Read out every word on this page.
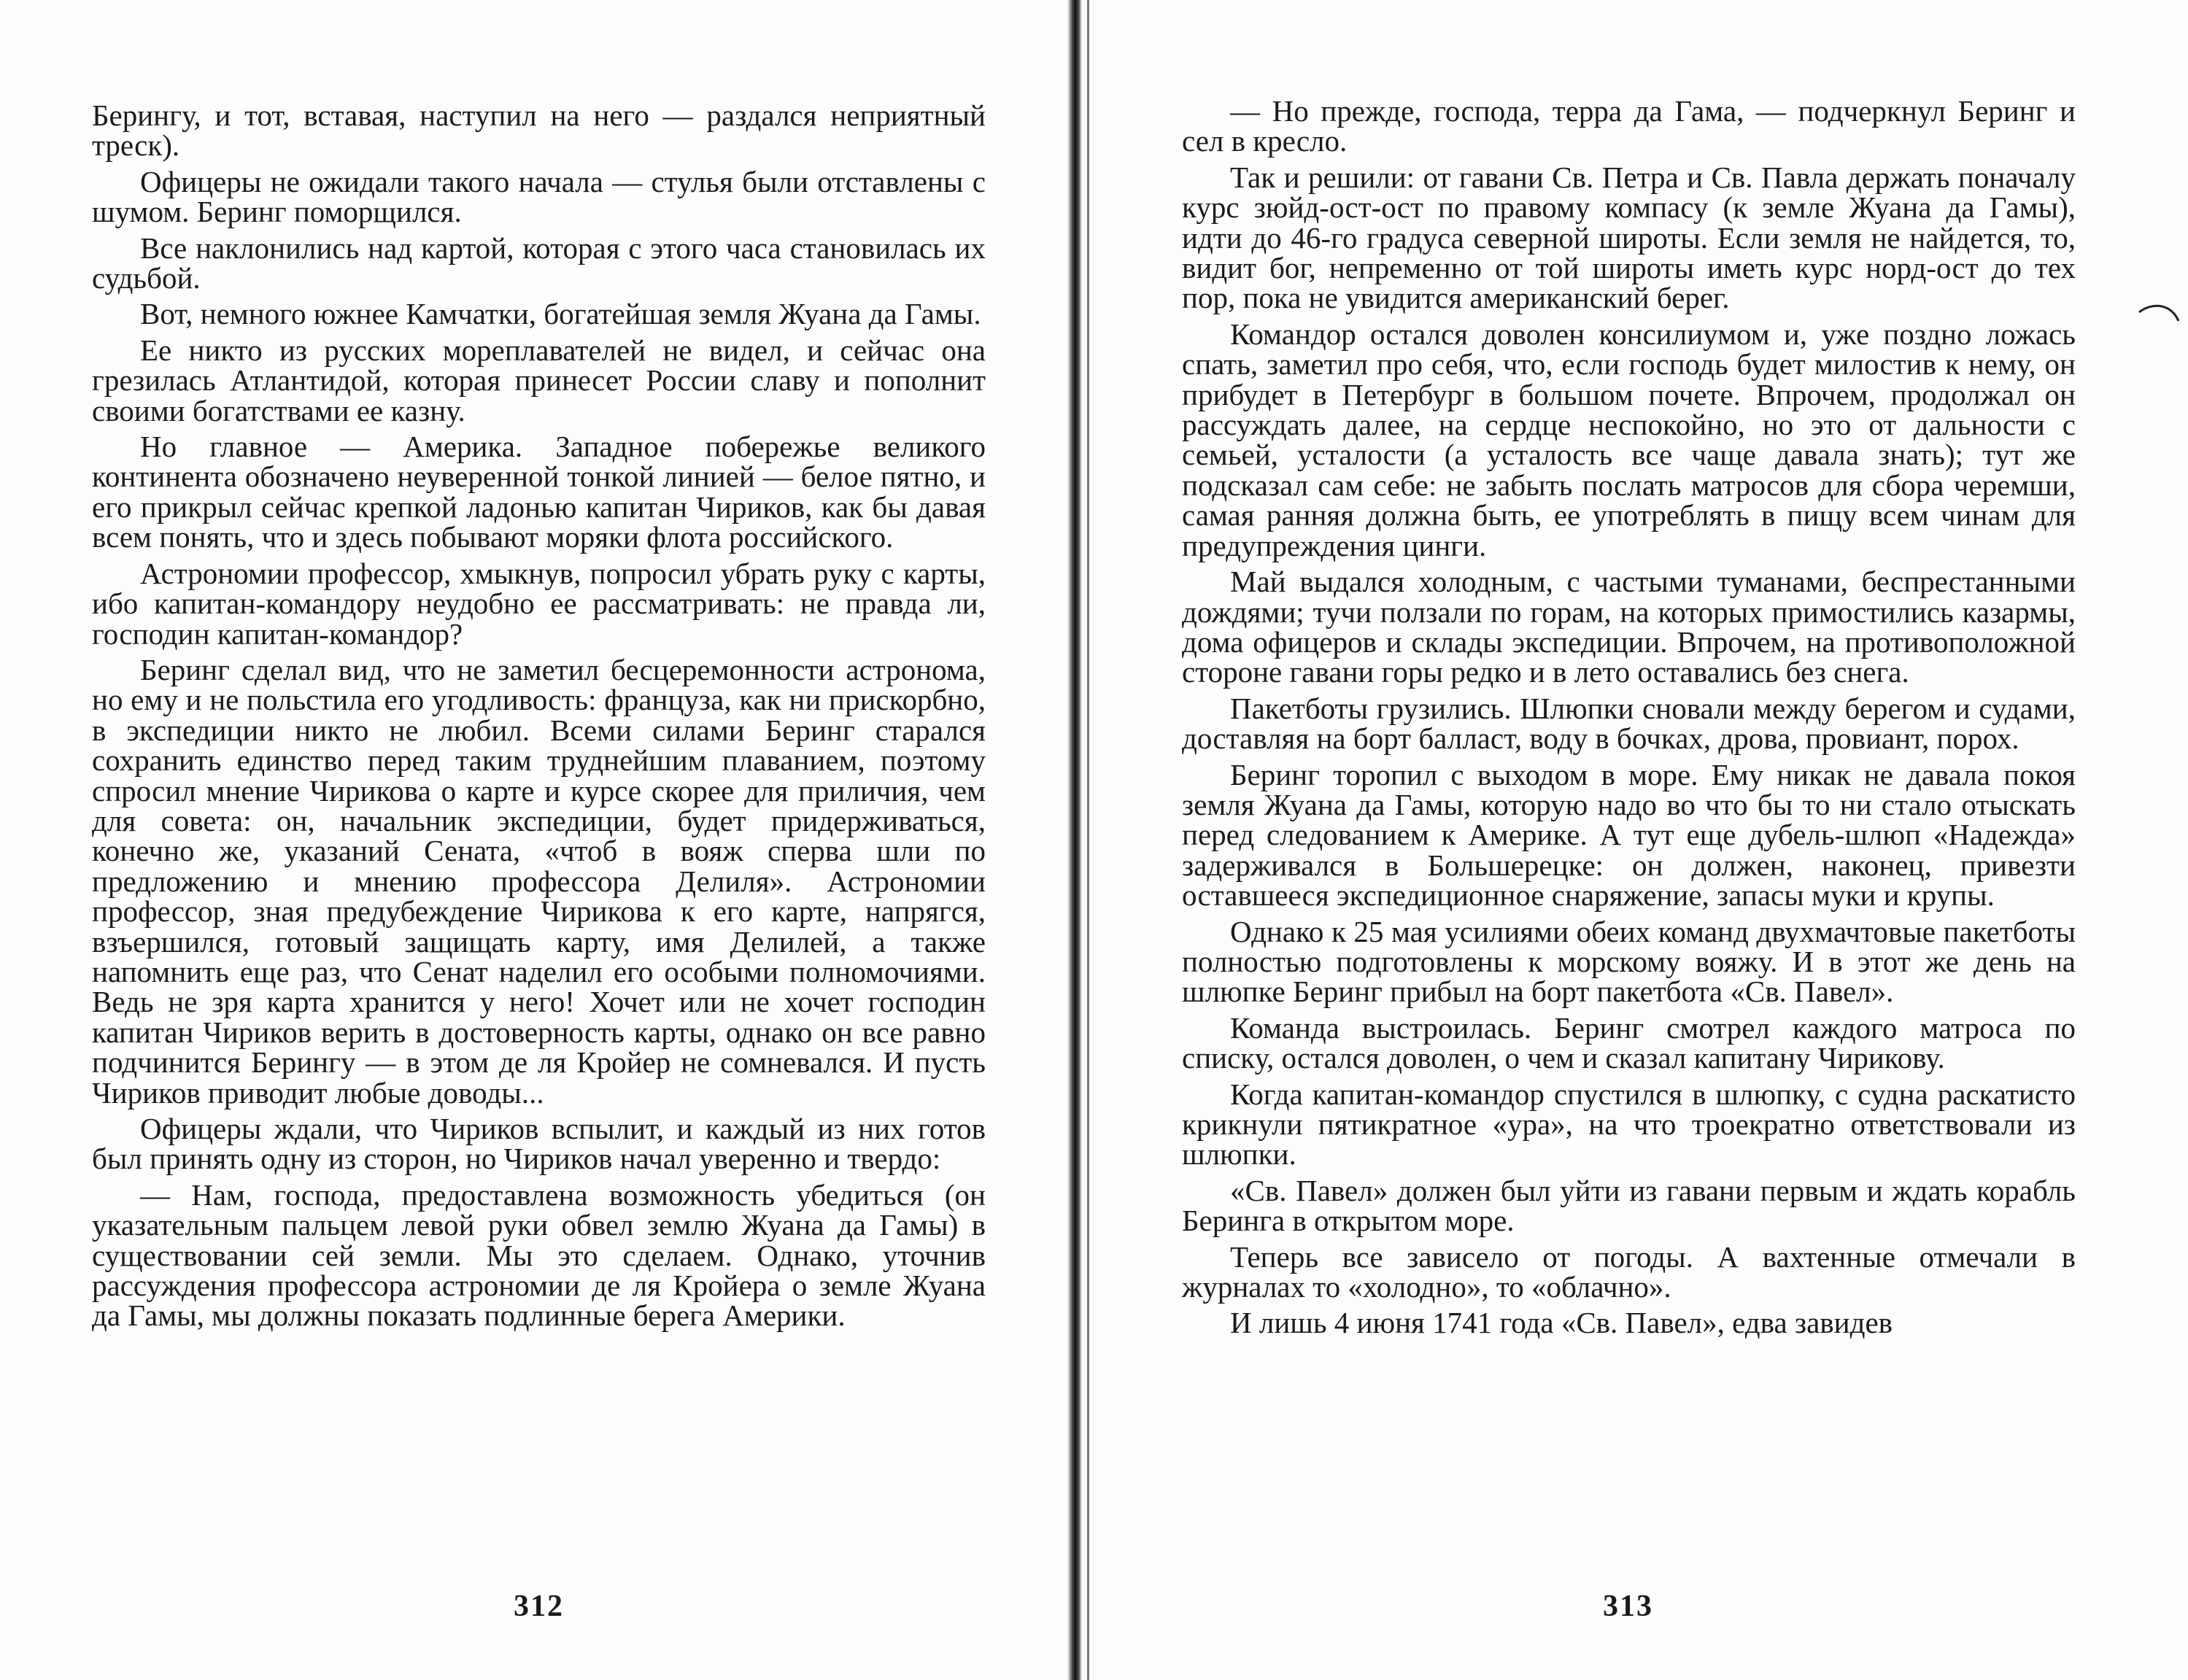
Берингу, и тот, вставая, наступил на него — раздался неприятный треск).

Офицеры не ожидали такого начала — стулья были отставлены с шумом. Беринг поморщился.

Все наклонились над картой, которая с этого часа становилась их судьбой.

Вот, немного южнее Камчатки, богатейшая земля Жуана да Гамы.

Ее никто из русских мореплавателей не видел, и сейчас она грезилась Атлантидой, которая принесет России славу и пополнит своими богатствами ее казну.

Но главное — Америка. Западное побережье великого континента обозначено неуверенной тонкой линией — белое пятно, и его прикрыл сейчас крепкой ладонью капитан Чириков, как бы давая всем понять, что и здесь побывают моряки флота российского.

Астрономии профессор, хмыкнув, попросил убрать руку с карты, ибо капитан-командору неудобно ее рассматривать: не правда ли, господин капитан-командор?

Беринг сделал вид, что не заметил бесцеремонности астронома, но ему и не польстила его угодливость: француза, как ни прискорбно, в экспедиции никто не любил. Всеми силами Беринг старался сохранить единство перед таким труднейшим плаванием, поэтому спросил мнение Чирикова о карте и курсе скорее для приличия, чем для совета: он, начальник экспедиции, будет придерживаться, конечно же, указаний Сената, «чтоб в вояж сперва шли по предложению и мнению профессора Делиля». Астрономии профессор, зная предубеждение Чирикова к его карте, напрягся, взъершился, готовый защищать карту, имя Делилей, а также напомнить еще раз, что Сенат наделил его особыми полномочиями. Ведь не зря карта хранится у него! Хочет или не хочет господин капитан Чириков верить в достоверность карты, однако он все равно подчинится Берингу — в этом де ля Кройер не сомневался. И пусть Чириков приводит любые доводы...

Офицеры ждали, что Чириков вспылит, и каждый из них готов был принять одну из сторон, но Чириков начал уверенно и твердо:

— Нам, господа, предоставлена возможность убедиться (он указательным пальцем левой руки обвел землю Жуана да Гамы) в существовании сей земли. Мы это сделаем. Однако, уточнив рассуждения профессора астрономии де ля Кройера о земле Жуана да Гамы, мы должны показать подлинные берега Америки.

312

— Но прежде, господа, терра да Гама, — подчеркнул Беринг и сел в кресло.

Так и решили: от гавани Св. Петра и Св. Павла держать поначалу курс зюйд-ост-ост по правому компасу (к земле Жуана да Гамы), идти до 46-го градуса северной широты. Если земля не найдется, то, видит бог, непременно от той широты иметь курс норд-ост до тех пор, пока не увидится американский берег.

Командор остался доволен консилиумом и, уже поздно ложась спать, заметил про себя, что, если господь будет милостив к нему, он прибудет в Петербург в большом почете. Впрочем, продолжал он рассуждать далее, на сердце неспокойно, но это от дальности с семьей, усталости (а усталость все чаще давала знать); тут же подсказал сам себе: не забыть послать матросов для сбора черемши, самая ранняя должна быть, ее употреблять в пищу всем чинам для предупреждения цинги.

Май выдался холодным, с частыми туманами, беспрестанными дождями; тучи ползали по горам, на которых примостились казармы, дома офицеров и склады экспедиции. Впрочем, на противоположной стороне гавани горы редко и в лето оставались без снега.

Пакетботы грузились. Шлюпки сновали между берегом и судами, доставляя на борт балласт, воду в бочках, дрова, провиант, порох.

Беринг торопил с выходом в море. Ему никак не давала покоя земля Жуана да Гамы, которую надо во что бы то ни стало отыскать перед следованием к Америке. А тут еще дубель-шлюп «Надежда» задерживался в Большерецке: он должен, наконец, привезти оставшееся экспедиционное снаряжение, запасы муки и крупы.

Однако к 25 мая усилиями обеих команд двухмачтовые пакетботы полностью подготовлены к морскому вояжу. И в этот же день на шлюпке Беринг прибыл на борт пакетбота «Св. Павел».

Команда выстроилась. Беринг смотрел каждого матроса по списку, остался доволен, о чем и сказал капитану Чирикову.

Когда капитан-командор спустился в шлюпку, с судна раскатисто крикнули пятикратное «ура», на что троекратно ответствовали из шлюпки.

«Св. Павел» должен был уйти из гавани первым и ждать корабль Беринга в открытом море.

Теперь все зависело от погоды. А вахтенные отмечали в журналах то «холодно», то «облачно».

И лишь 4 июня 1741 года «Св. Павел», едва завидев

313
